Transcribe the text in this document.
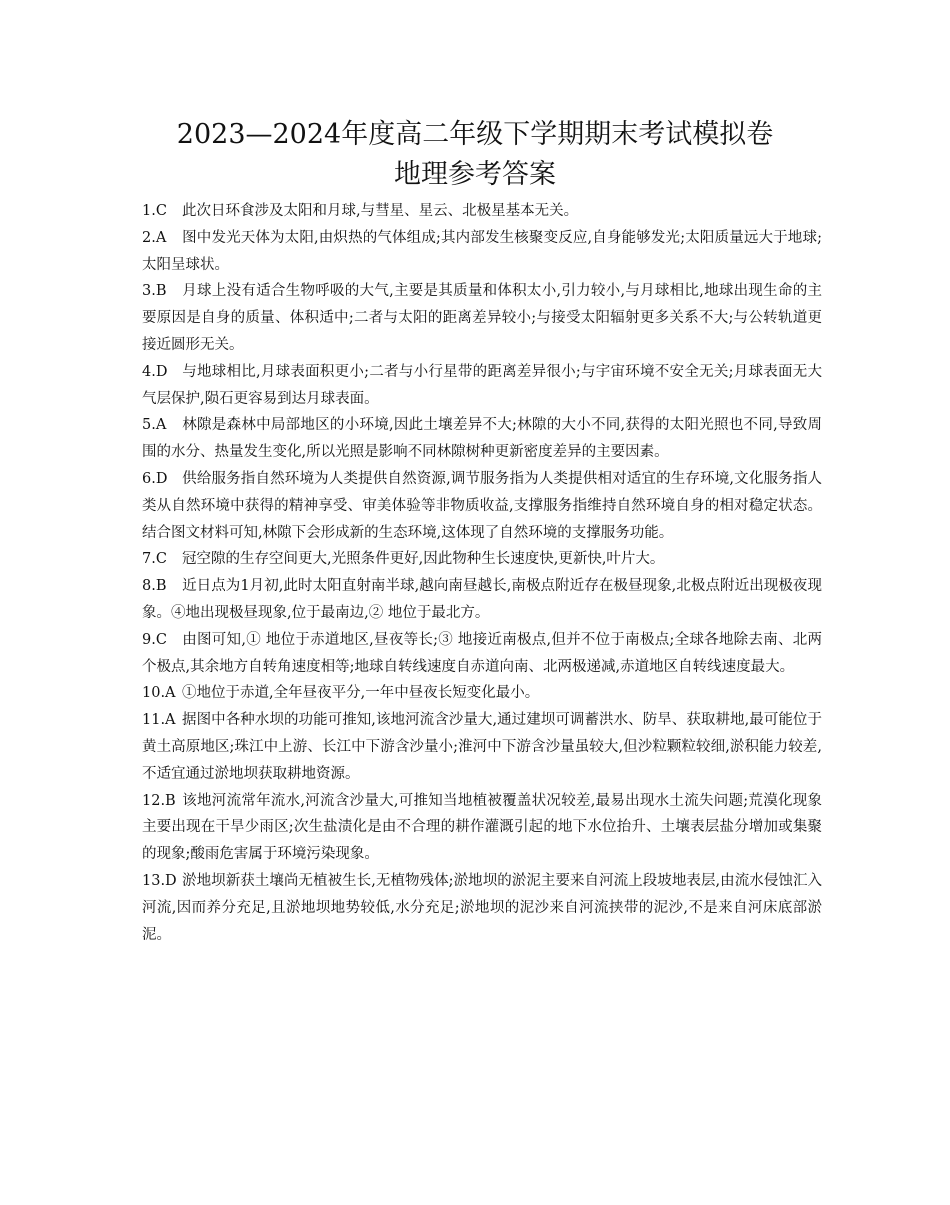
2023—2024年度高二年级下学期期末考试模拟卷
地理参考答案

1.C 此次日环食涉及太阳和月球,与彗星、星云、北极星基本无关。

2.A 图中发光天体为太阳,由炽热的气体组成;其内部发生核聚变反应,自身能够发光;太阳质量远大于地球;太阳呈球状。

3.B 月球上没有适合生物呼吸的大气,主要是其质量和体积太小,引力较小,与月球相比,地球出现生命的主要原因是自身的质量、体积适中;二者与太阳的距离差异较小;与接受太阳辐射更多关系不大;与公转轨道更接近圆形无关。

4.D 与地球相比,月球表面积更小;二者与小行星带的距离差异很小;与宇宙环境不安全无关;月球表面无大气层保护,陨石更容易到达月球表面。

5.A 林隙是森林中局部地区的小环境,因此土壤差异不大;林隙的大小不同,获得的太阳光照也不同,导致周围的水分、热量发生变化,所以光照是影响不同林隙树种更新密度差异的主要因素。

6.D 供给服务指自然环境为人类提供自然资源,调节服务指为人类提供相对适宜的生存环境,文化服务指人类从自然环境中获得的精神享受、审美体验等非物质收益,支撑服务指维持自然环境自身的相对稳定状态。结合图文材料可知,林隙下会形成新的生态环境,这体现了自然环境的支撑服务功能。

7.C 冠空隙的生存空间更大,光照条件更好,因此物种生长速度快,更新快,叶片大。

8.B 近日点为1月初,此时太阳直射南半球,越向南昼越长,南极点附近存在极昼现象,北极点附近出现极夜现象。④地出现极昼现象,位于最南边,② 地位于最北方。

9.C 由图可知,① 地位于赤道地区,昼夜等长;③ 地接近南极点,但并不位于南极点;全球各地除去南、北两个极点,其余地方自转角速度相等;地球自转线速度自赤道向南、北两极递减,赤道地区自转线速度最大。

10.A ①地位于赤道,全年昼夜平分,一年中昼夜长短变化最小。

11.A 据图中各种水坝的功能可推知,该地河流含沙量大,通过建坝可调蓄洪水、防旱、获取耕地,最可能位于黄土高原地区;珠江中上游、长江中下游含沙量小;淮河中下游含沙量虽较大,但沙粒颗粒较细,淤积能力较差,不适宜通过淤地坝获取耕地资源。

12.B 该地河流常年流水,河流含沙量大,可推知当地植被覆盖状况较差,最易出现水土流失问题;荒漠化现象主要出现在干旱少雨区;次生盐渍化是由不合理的耕作灌溉引起的地下水位抬升、土壤表层盐分增加或集聚的现象;酸雨危害属于环境污染现象。

13.D 淤地坝新获土壤尚无植被生长,无植物残体;淤地坝的淤泥主要来自河流上段坡地表层,由流水侵蚀汇入河流,因而养分充足,且淤地坝地势较低,水分充足;淤地坝的泥沙来自河流挟带的泥沙,不是来自河床底部淤泥。
